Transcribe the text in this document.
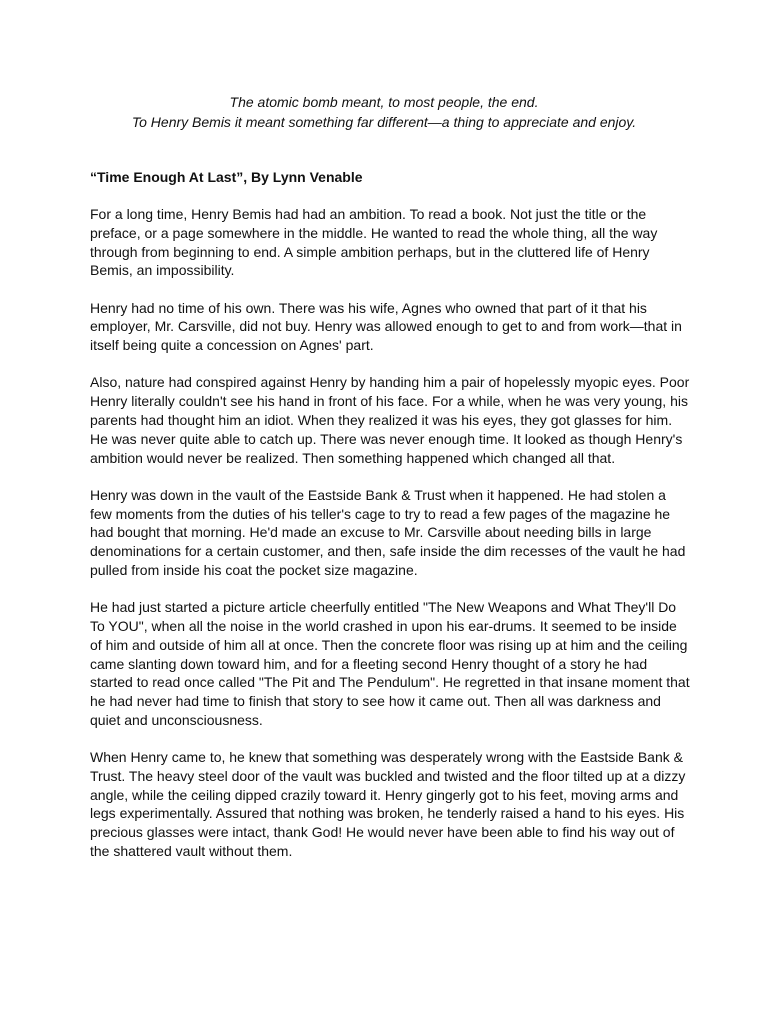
The atomic bomb meant, to most people, the end.

To Henry Bemis it meant something far different—a thing to appreciate and enjoy.

“Time Enough At Last”, By Lynn Venable

For a long time, Henry Bemis had had an ambition. To read a book. Not just the title or the preface, or a page somewhere in the middle. He wanted to read the whole thing, all the way through from beginning to end. A simple ambition perhaps, but in the cluttered life of Henry Bemis, an impossibility.

Henry had no time of his own. There was his wife, Agnes who owned that part of it that his employer, Mr. Carsville, did not buy. Henry was allowed enough to get to and from work—that in itself being quite a concession on Agnes' part.

Also, nature had conspired against Henry by handing him a pair of hopelessly myopic eyes. Poor Henry literally couldn't see his hand in front of his face. For a while, when he was very young, his parents had thought him an idiot. When they realized it was his eyes, they got glasses for him. He was never quite able to catch up. There was never enough time. It looked as though Henry's ambition would never be realized. Then something happened which changed all that.

Henry was down in the vault of the Eastside Bank & Trust when it happened. He had stolen a few moments from the duties of his teller's cage to try to read a few pages of the magazine he had bought that morning. He'd made an excuse to Mr. Carsville about needing bills in large denominations for a certain customer, and then, safe inside the dim recesses of the vault he had pulled from inside his coat the pocket size magazine.

He had just started a picture article cheerfully entitled "The New Weapons and What They'll Do To YOU", when all the noise in the world crashed in upon his ear-drums. It seemed to be inside of him and outside of him all at once. Then the concrete floor was rising up at him and the ceiling came slanting down toward him, and for a fleeting second Henry thought of a story he had started to read once called "The Pit and The Pendulum". He regretted in that insane moment that he had never had time to finish that story to see how it came out. Then all was darkness and quiet and unconsciousness.

When Henry came to, he knew that something was desperately wrong with the Eastside Bank & Trust. The heavy steel door of the vault was buckled and twisted and the floor tilted up at a dizzy angle, while the ceiling dipped crazily toward it. Henry gingerly got to his feet, moving arms and legs experimentally. Assured that nothing was broken, he tenderly raised a hand to his eyes. His precious glasses were intact, thank God! He would never have been able to find his way out of the shattered vault without them.
